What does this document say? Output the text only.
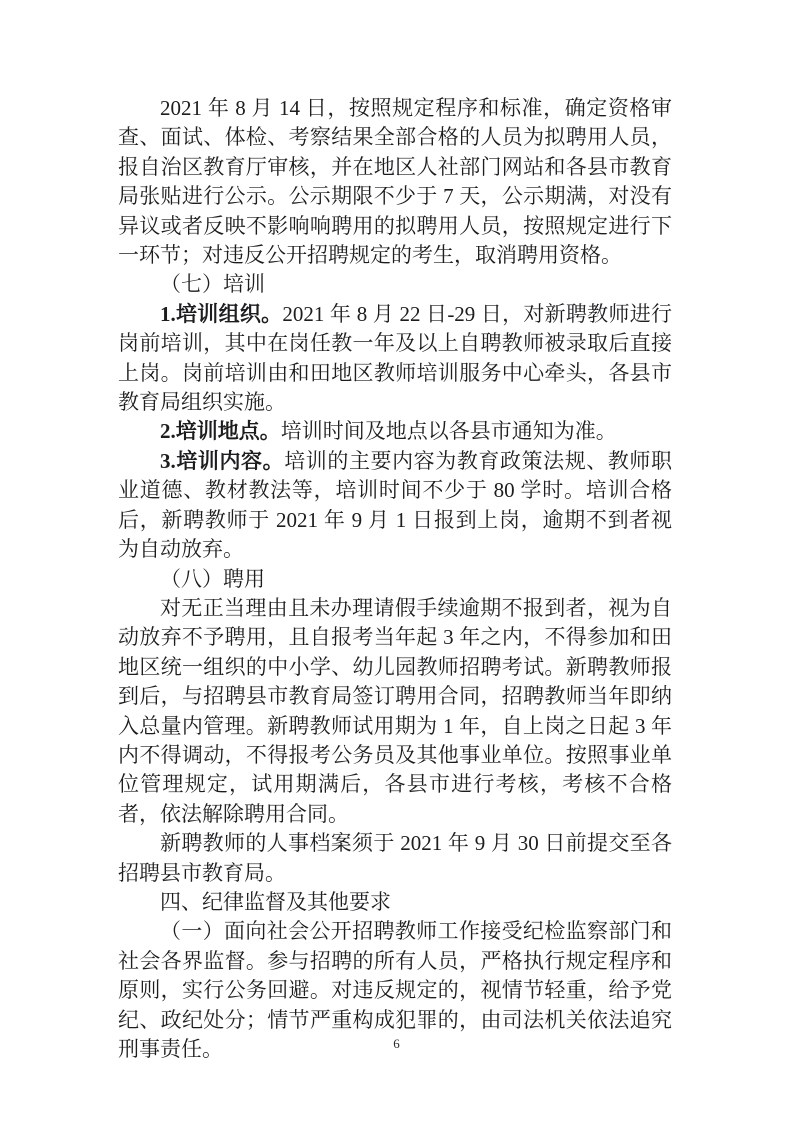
2021 年 8 月 14 日，按照规定程序和标准，确定资格审查、面试、体检、考察结果全部合格的人员为拟聘用人员，报自治区教育厅审核，并在地区人社部门网站和各县市教育局张贴进行公示。公示期限不少于 7 天，公示期满，对没有异议或者反映不影响响聘用的拟聘用人员，按照规定进行下一环节；对违反公开招聘规定的考生，取消聘用资格。

（七）培训

1.培训组织。2021 年 8 月 22 日-29 日，对新聘教师进行岗前培训，其中在岗任教一年及以上自聘教师被录取后直接上岗。岗前培训由和田地区教师培训服务中心牵头，各县市教育局组织实施。

2.培训地点。培训时间及地点以各县市通知为准。

3.培训内容。培训的主要内容为教育政策法规、教师职业道德、教材教法等，培训时间不少于 80 学时。培训合格后，新聘教师于 2021 年 9 月 1 日报到上岗，逾期不到者视为自动放弃。

（八）聘用

对无正当理由且未办理请假手续逾期不报到者，视为自动放弃不予聘用，且自报考当年起 3 年之内，不得参加和田地区统一组织的中小学、幼儿园教师招聘考试。新聘教师报到后，与招聘县市教育局签订聘用合同，招聘教师当年即纳入总量内管理。新聘教师试用期为 1 年，自上岗之日起 3 年内不得调动，不得报考公务员及其他事业单位。按照事业单位管理规定，试用期满后，各县市进行考核，考核不合格者，依法解除聘用合同。

新聘教师的人事档案须于 2021 年 9 月 30 日前提交至各招聘县市教育局。

四、纪律监督及其他要求

（一）面向社会公开招聘教师工作接受纪检监察部门和社会各界监督。参与招聘的所有人员，严格执行规定程序和原则，实行公务回避。对违反规定的，视情节轻重，给予党纪、政纪处分；情节严重构成犯罪的，由司法机关依法追究刑事责任。	6
